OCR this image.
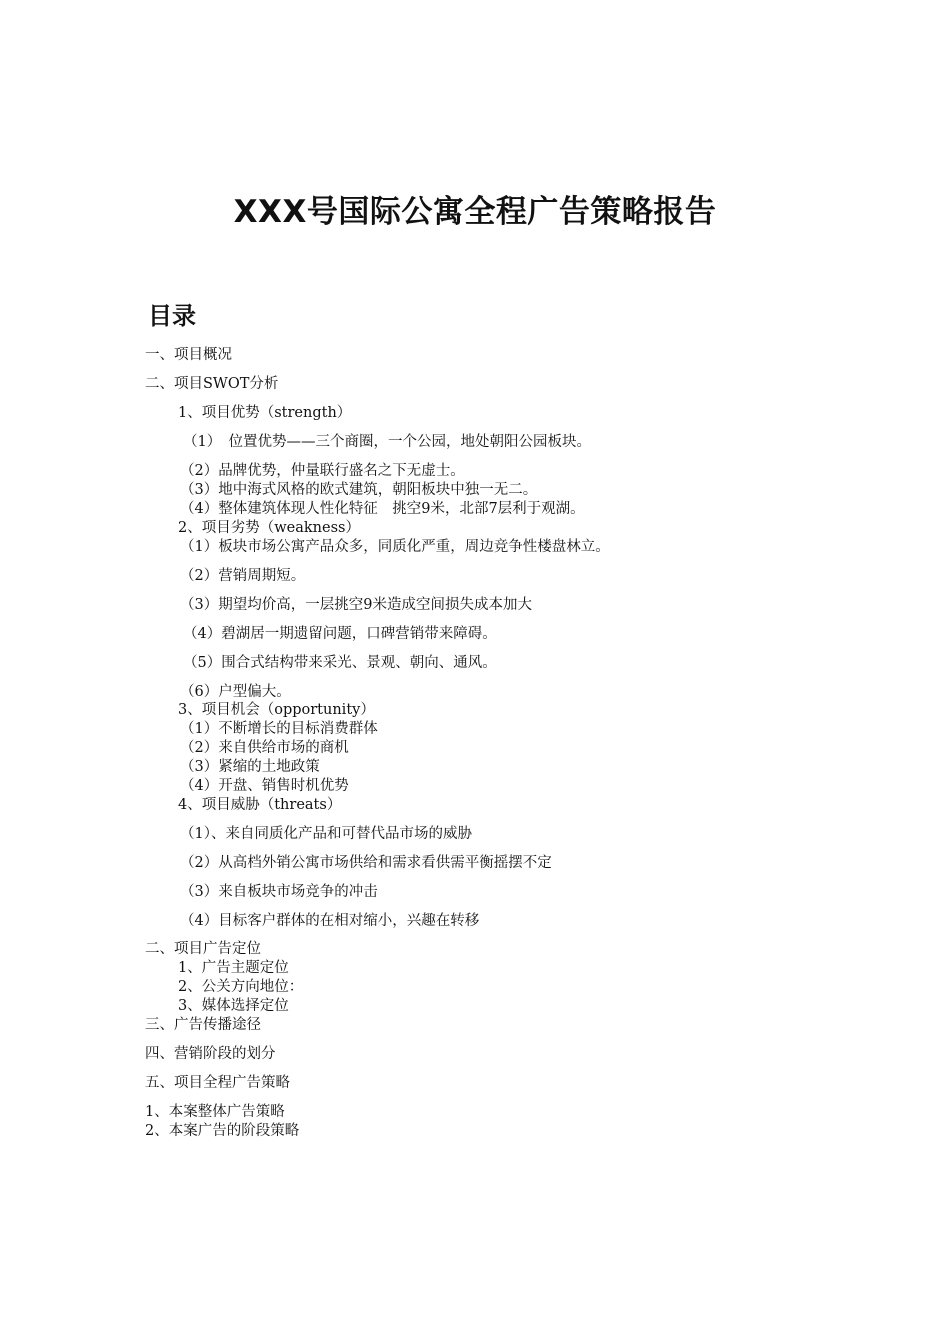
XXX号国际公寓全程广告策略报告
目录
一、项目概况
二、项目SWOT分析
1、项目优势（strength）
（1）　位置优势——三个商圈，一个公园，地处朝阳公园板块。
（2）品牌优势，仲量联行盛名之下无虚士。
（3）地中海式风格的欧式建筑，朝阳板块中独一无二。
（4）整体建筑体现人性化特征　挑空9米，北部7层利于观湖。
2、项目劣势（weakness）
（1）板块市场公寓产品众多，同质化严重，周边竞争性楼盘林立。
（2）营销周期短。
（3）期望均价高，一层挑空9米造成空间损失成本加大
（4）碧湖居一期遗留问题，口碑营销带来障碍。
（5）围合式结构带来采光、景观、朝向、通风。
（6）户型偏大。
3、项目机会（opportunity）
（1）不断增长的目标消费群体
（2）来自供给市场的商机
（3）紧缩的土地政策
（4）开盘、销售时机优势
4、项目威胁（threats）
（1）、来自同质化产品和可替代品市场的威胁
（2）从高档外销公寓市场供给和需求看供需平衡摇摆不定
（3）来自板块市场竞争的冲击
（4）目标客户群体的在相对缩小，兴趣在转移
二、项目广告定位
1、广告主题定位
2、公关方向地位：
3、媒体选择定位
三、广告传播途径
四、营销阶段的划分
五、项目全程广告策略
1、本案整体广告策略
2、本案广告的阶段策略
